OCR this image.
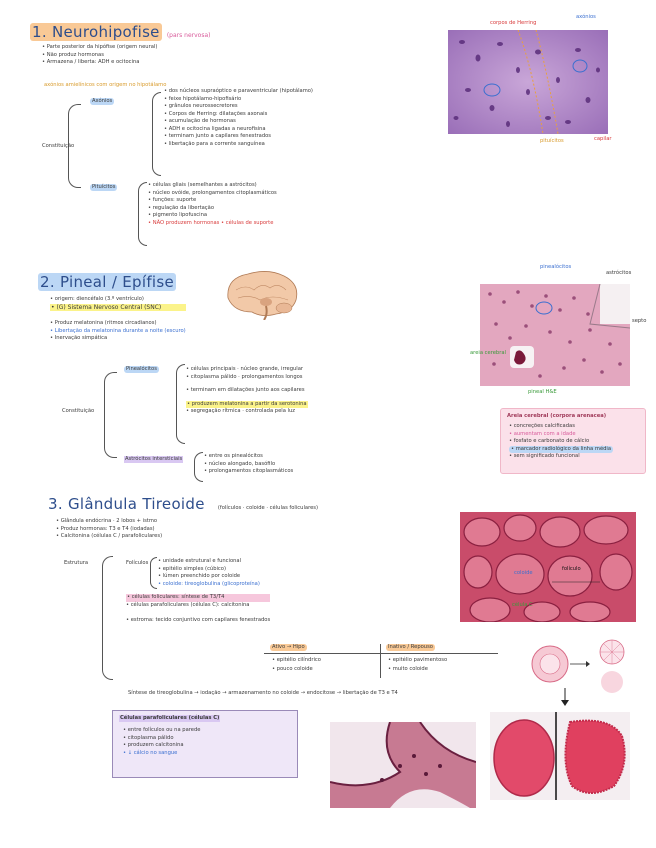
1. Neurohipofise (pars nervosa)
• Parte posterior da hipófise (origem neural)
• Não produz hormonas
• Armazena / liberta: ADH e ocitocina
axónios amielínicos com origem no hipotálamo
Constituição
Axónios
• dos núcleos supraóptico e paraventricular (hipotálamo)
• feixe hipotálamo-hipofisário
• grânulos neurossecretores
• Corpos de Herring: dilatações axonais
• acumulação de hormonas
• ADH e ocitocina ligadas a neurofisina
• terminam junto a capilares fenestrados
• libertação para a corrente sanguínea
Pituícitos	• células gliais (semelhantes a astrócitos)
• núcleo ovóide, prolongamentos citoplasmáticos
• funções: suporte
• regulação da libertação
• pigmento lipofuscina
• NÃO produzem hormonas • células de suporte
corpos de Herring
axónios
pituícitos	capilar
2. Pineal / Epífise
• origem: diencéfalo (3.º ventrículo)
• (G) Sistema Nervoso Central (SNC)
• Produz melatonina (ritmos circadianos)
• Libertação da melatonina durante a noite (escuro)
• Inervação simpática
Constituição
Pinealócitos	• células principais · núcleo grande, irregular
• citoplasma pálido · prolongamentos longos
• terminam em dilatações junto aos capilares
• produzem melatonina a partir da serotonina
• segregação rítmica · controlada pela luz
Astrócitos intersticiais	• entre os pinealócitos
• núcleo alongado, basófilo
• prolongamentos citoplasmáticos
Areia cerebral (corpora arenacea)
• concreções calcificadas
• aumentam com a idade
• fosfato e carbonato de cálcio
• marcador radiológico da linha média
• sem significado funcional
pinealócitos
astrócitos
areia cerebral
septo
pineal H&E
3. Glândula Tireoide	(folículos · coloide · células foliculares)
• Glândula endócrina · 2 lobos + istmo
• Produz hormonas: T3 e T4 (iodadas)
• Calcitonina (células C / parafoliculares)
Estrutura	Folículos • unidade estrutural e funcional
• epitélio simples (cúbico)
• lúmen preenchido por coloide
• coloide: tireoglobulina (glicoproteína)
• células foliculares: síntese de T3/T4
• células parafoliculares (células C): calcitonina
• estroma: tecido conjuntivo com capilares fenestrados
Ativo → Hipo	Inativo / Repouso
• epitélio cilíndrico	• epitélio pavimentoso
• pouco coloide	• muito coloide
Síntese de tireoglobulina → iodação → armazenamento no coloide → endocitose → libertação de T3 e T4
Células parafoliculares (células C)
• entre folículos ou na parede
• citoplasma pálido
• produzem calcitonina
• ↓ cálcio no sangue
coloide
folículo
célula C
